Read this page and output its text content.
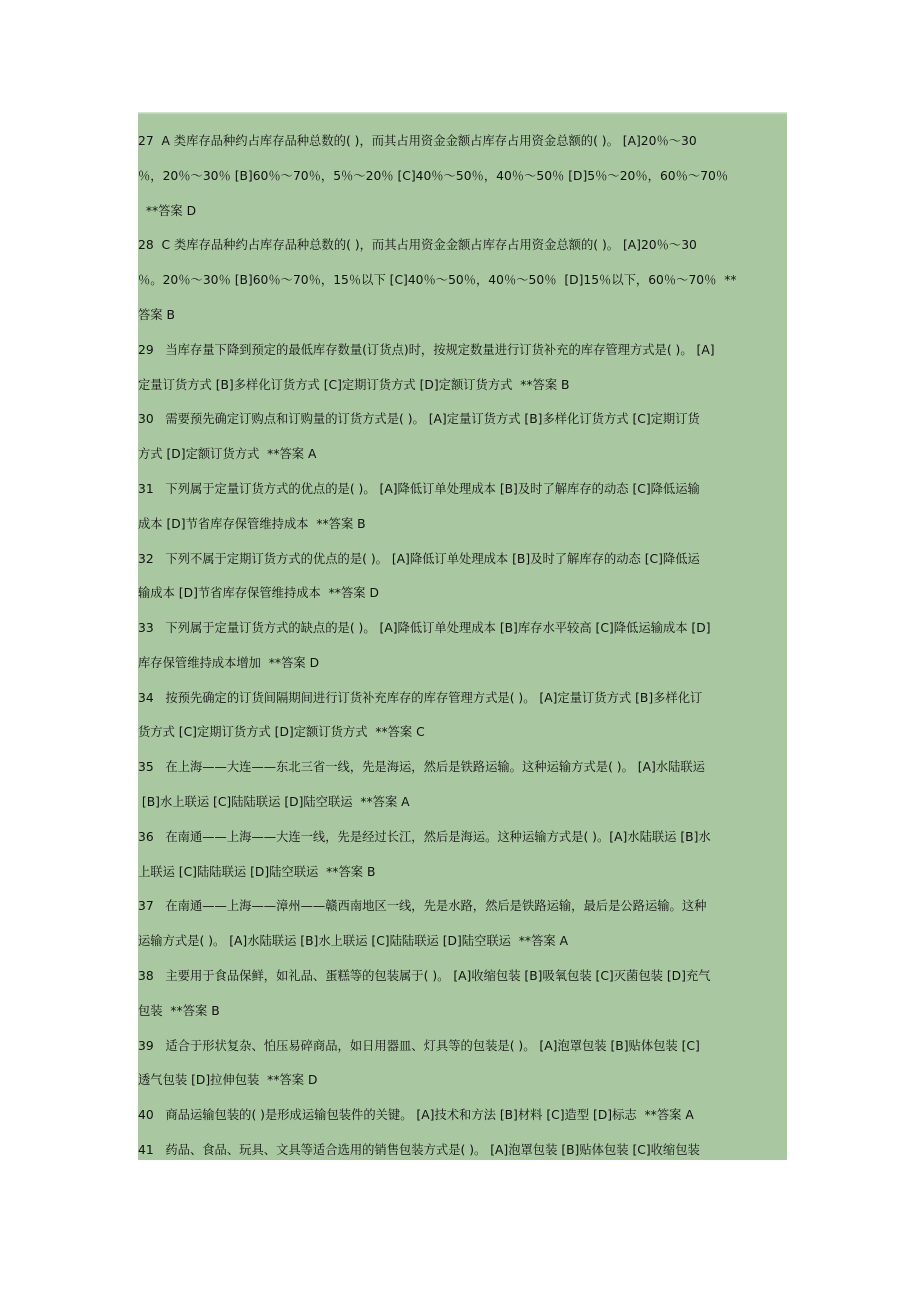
27  A 类库存品种约占库存品种总数的( )，而其占用资金金额占库存占用资金总额的( )。 [A]20％～30
％，20％～30％ [B]60％～70％，5％～20％ [C]40％～50％，40％～50％ [D]5％～20％，60％～70％
**答案 D
28  C 类库存品种约占库存品种总数的( )，而其占用资金金额占库存占用资金总额的( )。 [A]20％～30
％。20％～30％ [B]60％～70％，15％以下 [C]40％～50％，40％～50％  [D]15％以下，60％～70％  **
答案 B
29   当库存量下降到预定的最低库存数量(订货点)时，按规定数量进行订货补充的库存管理方式是( )。 [A]
定量订货方式 [B]多样化订货方式 [C]定期订货方式 [D]定额订货方式  **答案 B
30   需要预先确定订购点和订购量的订货方式是( )。 [A]定量订货方式 [B]多样化订货方式 [C]定期订货
方式 [D]定额订货方式  **答案 A
31   下列属于定量订货方式的优点的是( )。 [A]降低订单处理成本 [B]及时了解库存的动态 [C]降低运输
成本 [D]节省库存保管维持成本  **答案 B
32   下列不属于定期订货方式的优点的是( )。 [A]降低订单处理成本 [B]及时了解库存的动态 [C]降低运
输成本 [D]节省库存保管维持成本  **答案 D
33   下列属于定量订货方式的缺点的是( )。 [A]降低订单处理成本 [B]库存水平较高 [C]降低运输成本 [D]
库存保管维持成本增加  **答案 D
34   按预先确定的订货间隔期间进行订货补充库存的库存管理方式是( )。 [A]定量订货方式 [B]多样化订
货方式 [C]定期订货方式 [D]定额订货方式  **答案 C
35   在上海——大连——东北三省一线，先是海运，然后是铁路运输。这种运输方式是( )。 [A]水陆联运
[B]水上联运 [C]陆陆联运 [D]陆空联运  **答案 A
36   在南通——上海——大连一线，先是经过长江，然后是海运。这种运输方式是( )。[A]水陆联运 [B]水
上联运 [C]陆陆联运 [D]陆空联运  **答案 B
37   在南通——上海——漳州——赣西南地区一线，先是水路，然后是铁路运输，最后是公路运输。这种
运输方式是( )。 [A]水陆联运 [B]水上联运 [C]陆陆联运 [D]陆空联运  **答案 A
38   主要用于食品保鲜，如礼品、蛋糕等的包装属于( )。 [A]收缩包装 [B]吸氧包装 [C]灭菌包装 [D]充气
包装  **答案 B
39   适合于形状复杂、怕压易碎商品，如日用器皿、灯具等的包装是( )。 [A]泡罩包装 [B]贴体包装 [C]
透气包装 [D]拉伸包装  **答案 D
40   商品运输包装的( )是形成运输包装件的关键。 [A]技术和方法 [B]材料 [C]造型 [D]标志  **答案 A
41   药品、食品、玩具、文具等适合选用的销售包装方式是( )。 [A]泡罩包装 [B]贴体包装 [C]收缩包装
